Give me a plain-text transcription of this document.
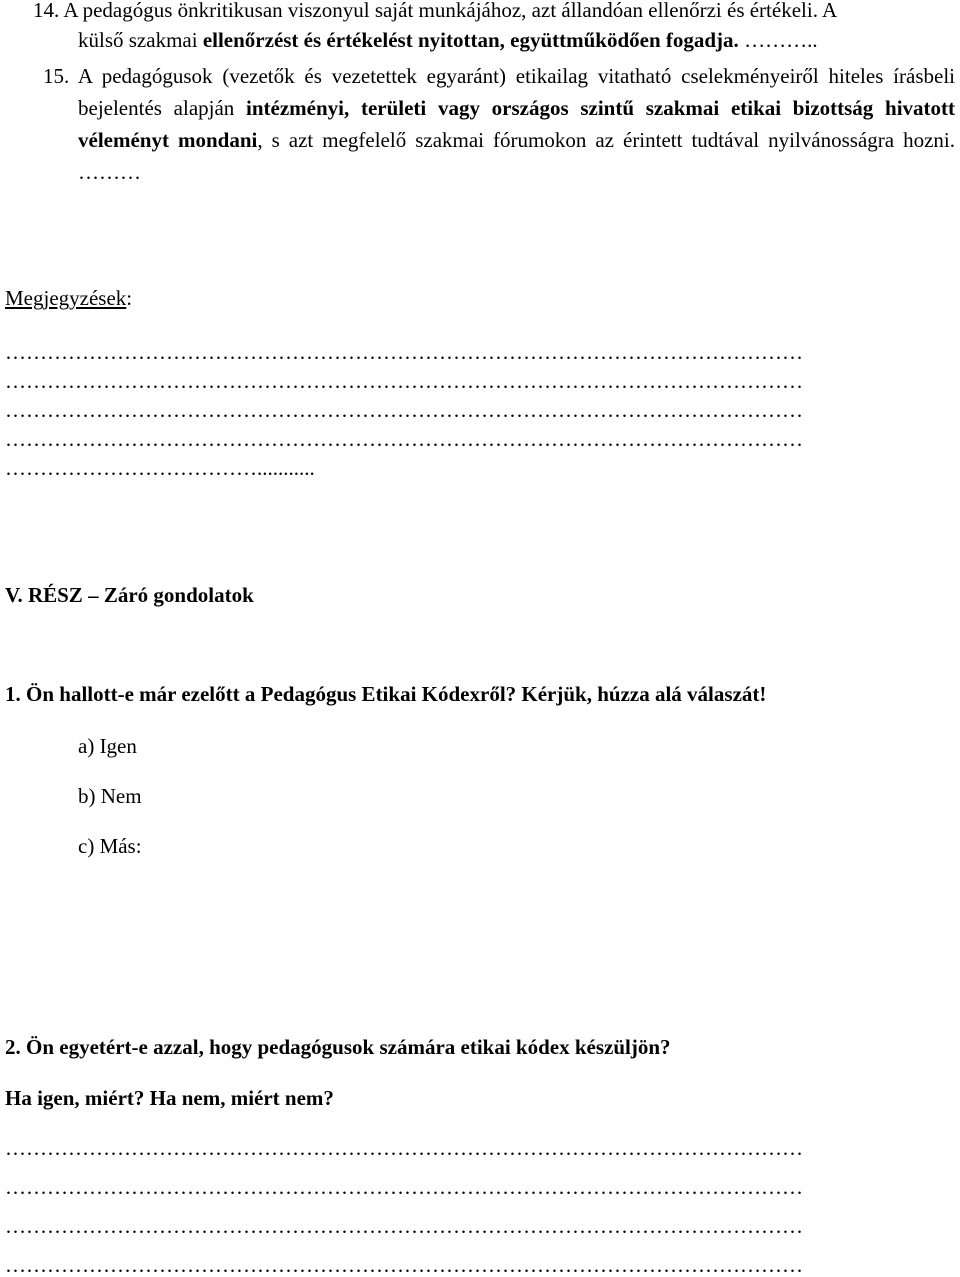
14. A pedagógus önkritikusan viszonyul saját munkájához, azt állandóan ellenőrzi és értékeli. A
külső szakmai ellenőrzést és értékelést nyitottan, együttműködően fogadja. ………..
15. A pedagógusok (vezetők és vezetettek egyaránt) etikailag vitatható cselekményeiről hiteles írásbeli bejelentés alapján intézményi, területi vagy országos szintű szakmai etikai bizottság hivatott véleményt mondani, s azt megfelelő szakmai fórumokon az érintett tudtával nyilvánosságra hozni. ………
Megjegyzések:
……………………………………………………………………………………………………
……………………………………………………………………………………………………
……………………………………………………………………………………………………
……………………………………………………………………………………………………
………………………………...........
V. RÉSZ – Záró gondolatok
1. Ön hallott-e már ezelőtt a Pedagógus Etikai Kódexről? Kérjük, húzza alá válaszát!
a) Igen
b) Nem
c) Más:
2. Ön egyetért-e azzal, hogy pedagógusok számára etikai kódex készüljön?
Ha igen, miért? Ha nem, miért nem?
……………………………………………………………………………………………………
……………………………………………………………………………………………………
……………………………………………………………………………………………………
……………………………………………………………………………………………………
